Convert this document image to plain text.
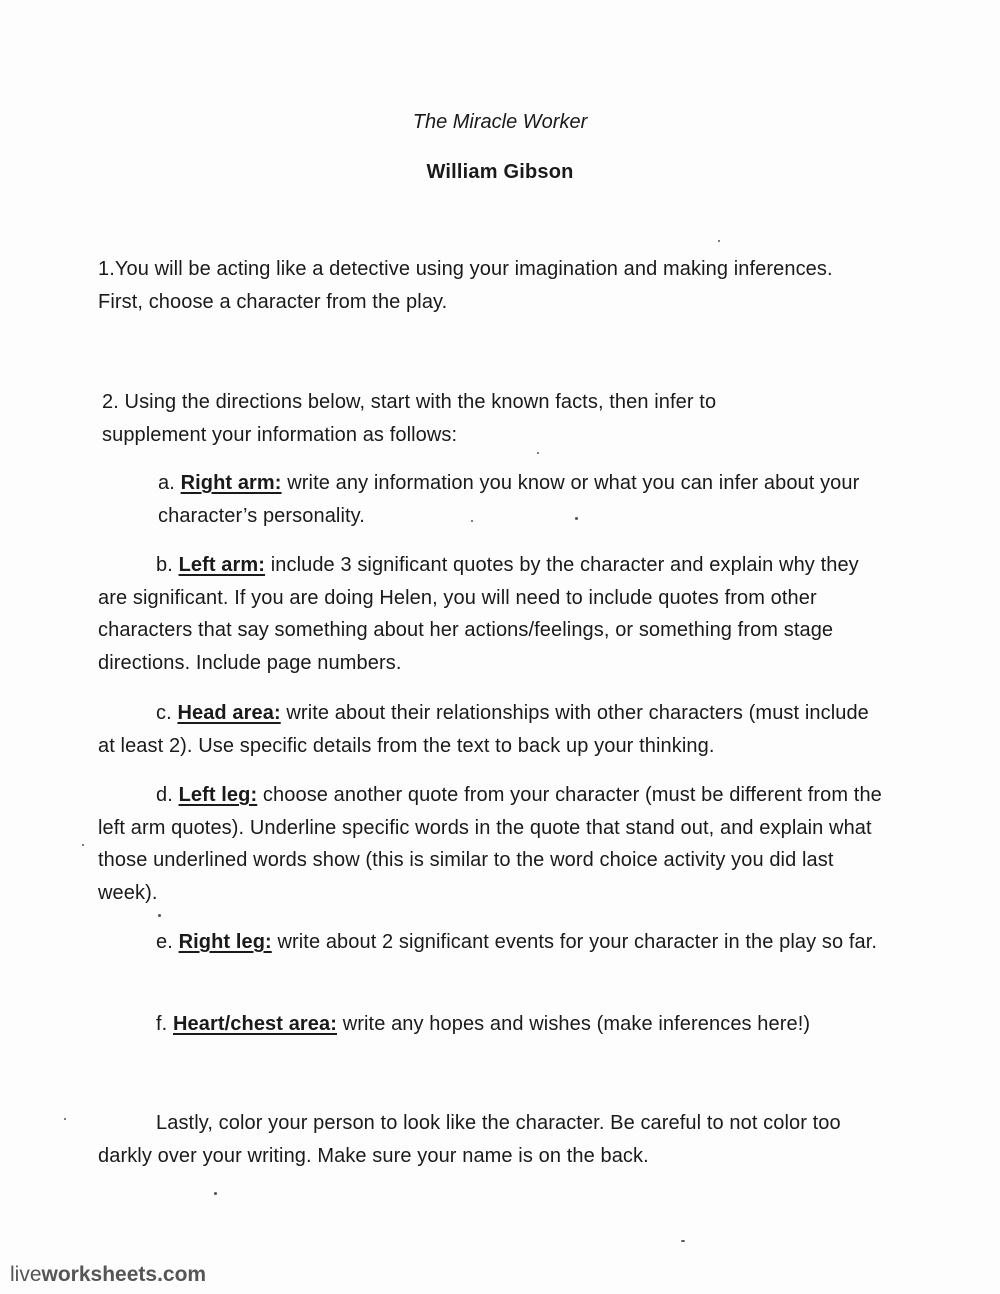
The Miracle Worker
William Gibson

1.You will be acting like a detective using your imagination and making inferences.
First, choose a character from the play.

2. Using the directions below, start with the known facts, then infer to
supplement your information as follows:

a. Right arm: write any information you know or what you can infer about your character’s personality.

b. Left arm: include 3 significant quotes by the character and explain why they are significant. If you are doing Helen, you will need to include quotes from other characters that say something about her actions/feelings, or something from stage directions. Include page numbers.

c. Head area: write about their relationships with other characters (must include at least 2). Use specific details from the text to back up your thinking.

d. Left leg: choose another quote from your character (must be different from the left arm quotes). Underline specific words in the quote that stand out, and explain what those underlined words show (this is similar to the word choice activity you did last week).

e. Right leg: write about 2 significant events for your character in the play so far.

f. Heart/chest area: write any hopes and wishes (make inferences here!)

Lastly, color your person to look like the character. Be careful to not color too darkly over your writing. Make sure your name is on the back.

liveworksheets.com
